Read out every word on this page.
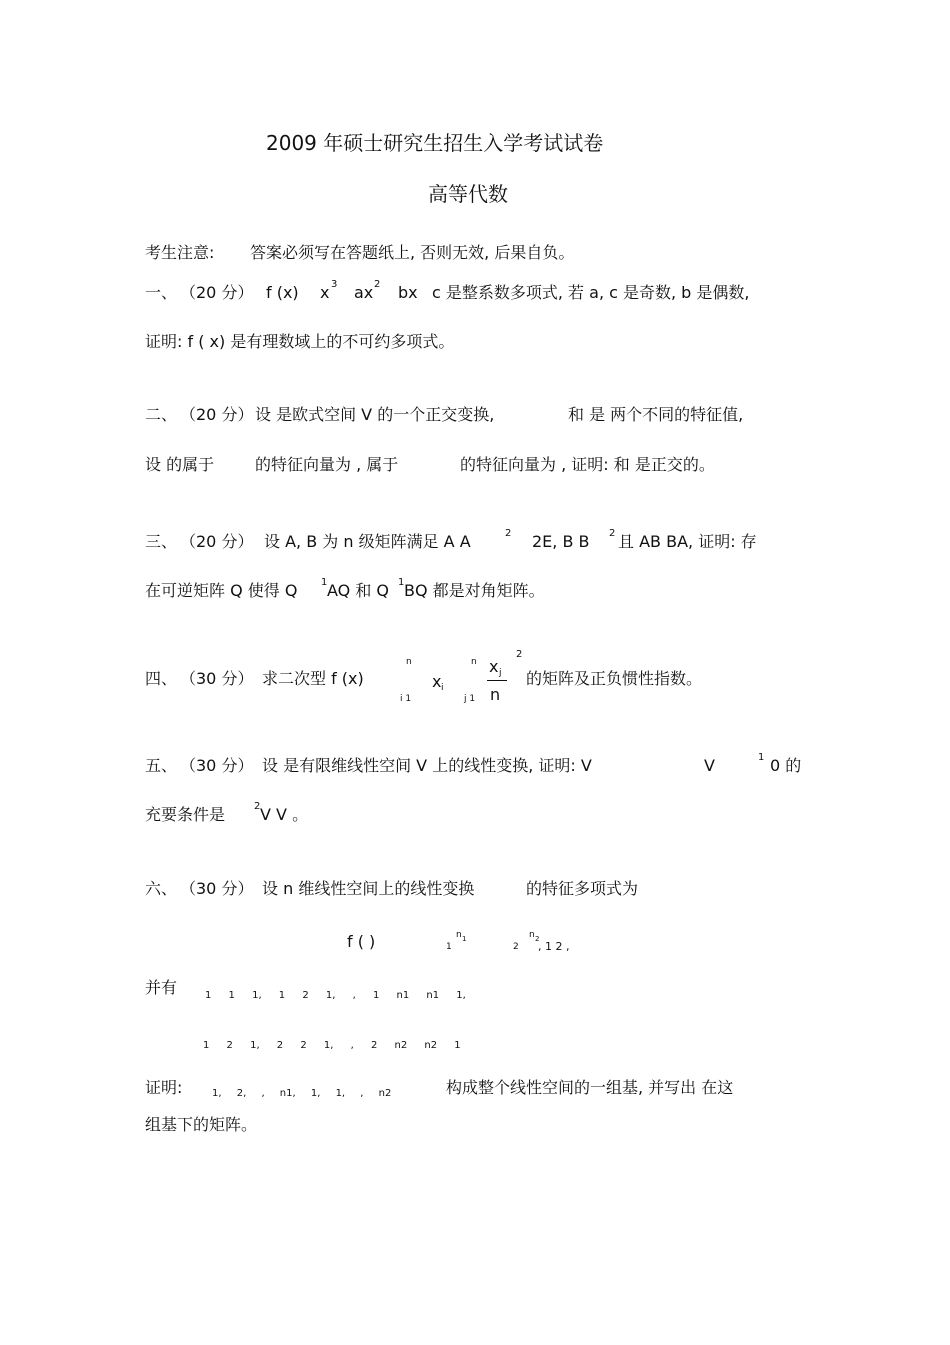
2009 年硕士研究生招生入学考试试卷
高等代数
考生注意: 答案必须写在答题纸上, 否则无效, 后果自负。
一、 （20 分） f (x) x 3 ax 2 bx c 是整系数多项式, 若 a, c 是奇数, b 是偶数,
证明: f ( x) 是有理数域上的不可约多项式。
二、 （20 分） 设 是欧式空间 V 的一个正交变换,	和 是 两个不同的特征值,
设 的属于	的特征向量为 , 属于	的特征向量为 , 证明: 和 是正交的。
三、 （20 分） 设 A, B 为 n 级矩阵满足 A A	2 2E, B B 2 且 AB BA, 证明: 存
在可逆矩阵 Q 使得 Q 1 AQ 和 Q 1 BQ 都是对角矩阵。
四、 （30 分） 求二次型 f (x)
n
x i
i 1
n x j
n
j 1
2
的矩阵及正负惯性指数。
五、 （30 分） 设 是有限维线性空间 V 上的线性变换, 证明: V	V	1 0 的
充要条件是	2 V V 。
六、 （30 分） 设 n 维线性空间上的线性变换	的特征多项式为
f ( )	1
n 1
2
n 2
, 1 2 ,
并有	1 1 1, 1 2 1, , 1 n1 n1 1,
1 2 1, 2 2 1, , 2 n2 n2 1
证明:	1, 2, , n1, 1, 1, , n2	构成整个线性空间的一组基, 并写出 在这
组基下的矩阵。
